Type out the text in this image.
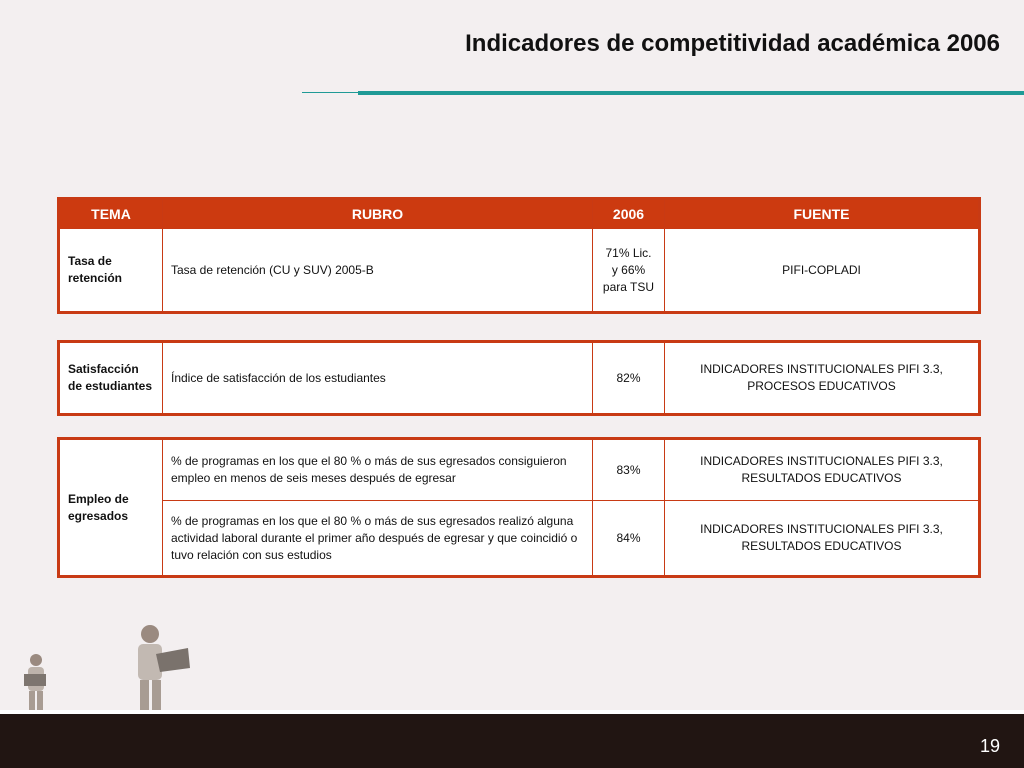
Indicadores de competitividad académica 2006
TEMA	RUBRO	2006	FUENTE
Tasa de retención	Tasa de retención (CU y SUV) 2005-B	71% Lic. y 66% para TSU	PIFI-COPLADI
Satisfacción de estudiantes	Índice de satisfacción de los estudiantes	82%	INDICADORES INSTITUCIONALES PIFI 3.3, PROCESOS EDUCATIVOS
Empleo de egresados	% de programas en los que el 80 % o más de sus egresados consiguieron empleo en menos de seis meses después de egresar	83%	INDICADORES INSTITUCIONALES PIFI 3.3, RESULTADOS EDUCATIVOS
	% de programas en los que el 80 % o más de sus egresados realizó alguna actividad laboral durante el primer año después de egresar y que coincidió o tuvo relación con sus estudios	84%	INDICADORES INSTITUCIONALES PIFI 3.3, RESULTADOS EDUCATIVOS
19
